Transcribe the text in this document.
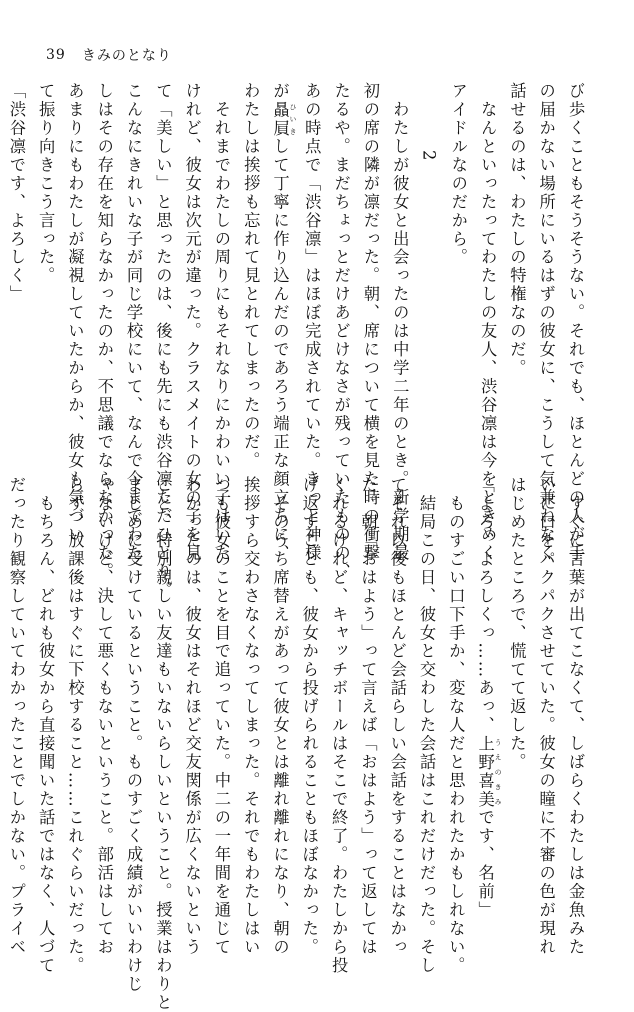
39 きみのとなり
び歩くこともそうそうない。それでも、ほとんどの人が手
の届かない場所にいるはずの彼女に、こうして気兼ねなく
話せるのは、わたしの特権なのだ。
　なんといったってわたしの友人、渋谷凛は今をときめく
アイドルなのだから。
2
　わたしが彼女と出会ったのは中学二年のとき。新学期最
初の席の隣が凛だった。朝、席について横を見た時の衝撃
たるや。まだちょっとだけあどけなさが残っていたものの、
あの時点で「渋谷凛」はほぼ完成されていた。きっと神様
が贔屓 ひいきして丁寧に作り込んだのであろう端正な顔立ちに、
わたしは挨拶も忘れて見とれてしまったのだ。
　それまでわたしの周りにもそれなりにかわいい子はいた
けれど、彼女は次元が違った。クラスメイトの女の子を見
て「美しい」と思ったのは、後にも先にも渋谷凛ただひとり。
こんなにきれいな子が同じ学校にいて、なんで今までわた
しはその存在を知らなかったのか、不思議でならなかった。
あまりにもわたしが凝視していたからか、彼女も気づい
て振り向きこう言った。
「渋谷凛です、よろしく」
　すぐに言葉が出てこなくて、しばらくわたしは金魚みた
いに口をパクパクさせていた。彼女の瞳に不審の色が現れ
はじめたところで、慌てて返した。
「よろ、よろしくっ……あっ、上野喜美 うえのきみです、名前」
　ものすごい口下手か、変な人だと思われたかもしれない。
　結局この日、彼女と交わした会話はこれだけだった。そし
てそれ以後もほとんど会話らしい会話をすることはなかっ
た。朝「おはよう」って言えば「おはよう」って返しては
くれるけれど、キャッチボールはそこで終了。わたしから投
げ返すことも、彼女から投げられることもほぼなかった。
　そのうち席替えがあって彼女とは離れ離れになり、朝の
挨拶すら交わさなくなってしまった。それでもわたしはい
つも彼女のことを目で追っていた。中二の一年間を通じて
わかったのは、彼女はそれほど交友関係が広くないという
こと、特別親しい友達もいないらしいということ。授業はわりと
まじめに受けているということ。ものすごく成績がいいわけじ
ゃないけど、決して悪くもないということ。部活はしてお
らず、放課後はすぐに下校すること……これぐらいだった。
　もちろん、どれも彼女から直接聞いた話ではなく、人づて
だったり観察していてわかったことでしかない。プライベ
